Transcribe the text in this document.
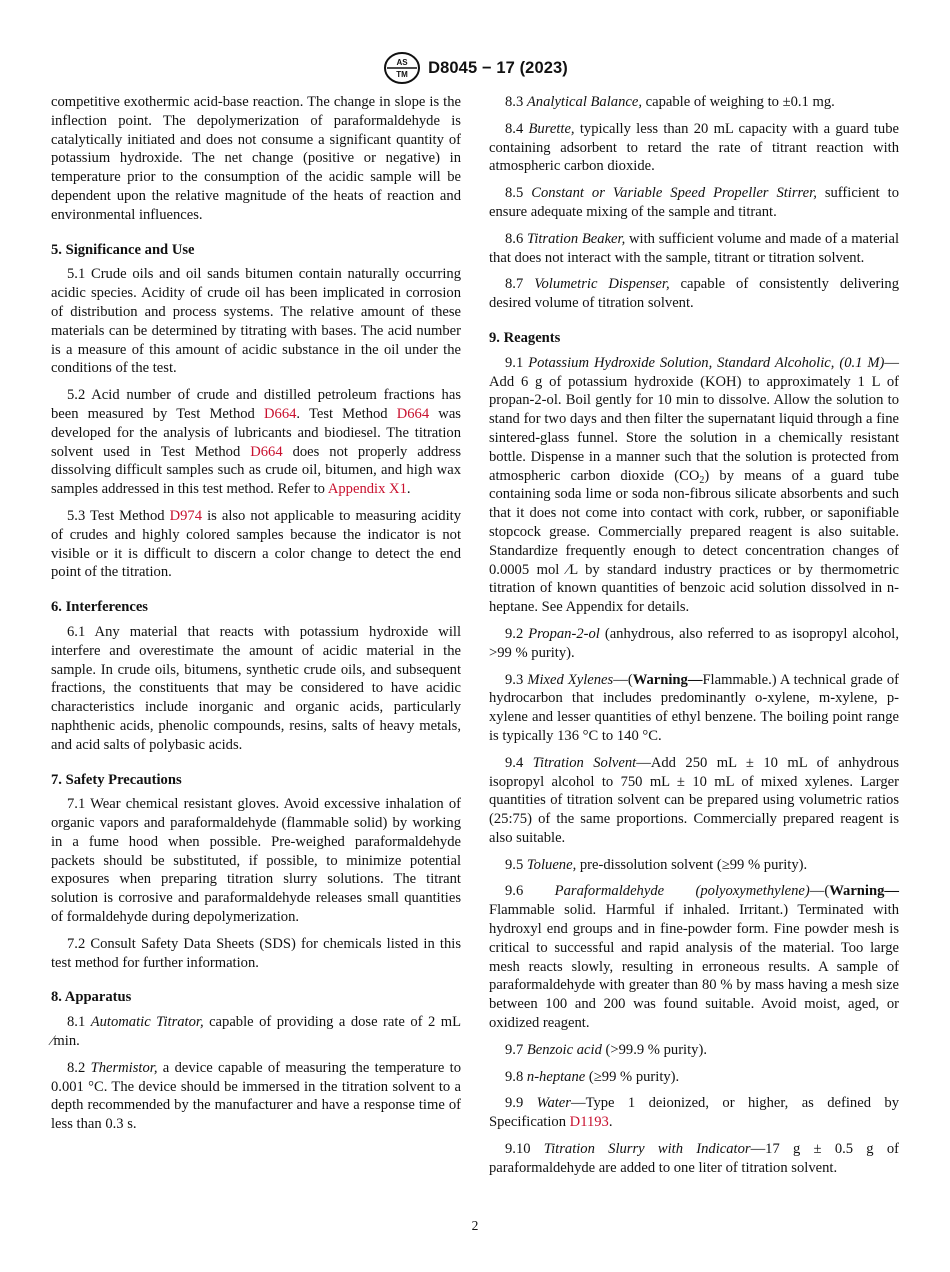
AS
TM D8045 − 17 (2023)

competitive exothermic acid-base reaction. The change in slope is the inflection point. The depolymerization of paraformaldehyde is catalytically initiated and does not consume a significant quantity of potassium hydroxide. The net change (positive or negative) in temperature prior to the consumption of the acidic sample will be dependent upon the relative magnitude of the heats of reaction and environmental influences.

5. Significance and Use

5.1 Crude oils and oil sands bitumen contain naturally occurring acidic species. Acidity of crude oil has been implicated in corrosion of distribution and process systems. The relative amount of these materials can be determined by titrating with bases. The acid number is a measure of this amount of acidic substance in the oil under the conditions of the test.

5.2 Acid number of crude and distilled petroleum fractions has been measured by Test Method D664. Test Method D664 was developed for the analysis of lubricants and biodiesel. The titration solvent used in Test Method D664 does not properly address dissolving difficult samples such as crude oil, bitumen, and high wax samples addressed in this test method. Refer to Appendix X1.

5.3 Test Method D974 is also not applicable to measuring acidity of crudes and highly colored samples because the indicator is not visible or it is difficult to discern a color change to detect the end point of the titration.

6. Interferences

6.1 Any material that reacts with potassium hydroxide will interfere and overestimate the amount of acidic material in the sample. In crude oils, bitumens, synthetic crude oils, and subsequent fractions, the constituents that may be considered to have acidic characteristics include inorganic and organic acids, particularly naphthenic acids, phenolic compounds, resins, salts of heavy metals, and acid salts of polybasic acids.

7. Safety Precautions

7.1 Wear chemical resistant gloves. Avoid excessive inhalation of organic vapors and paraformaldehyde (flammable solid) by working in a fume hood when possible. Pre-weighed paraformaldehyde packets should be substituted, if possible, to minimize potential exposures when preparing titration slurry solutions. The titrant solution is corrosive and paraformaldehyde releases small quantities of formaldehyde during depolymerization.

7.2 Consult Safety Data Sheets (SDS) for chemicals listed in this test method for further information.

8. Apparatus

8.1 Automatic Titrator, capable of providing a dose rate of 2 mL ⁄min.

8.2 Thermistor, a device capable of measuring the temperature to 0.001 °C. The device should be immersed in the titration solvent to a depth recommended by the manufacturer and have a response time of less than 0.3 s.

8.3 Analytical Balance, capable of weighing to ±0.1 mg.

8.4 Burette, typically less than 20 mL capacity with a guard tube containing adsorbent to retard the rate of titrant reaction with atmospheric carbon dioxide.

8.5 Constant or Variable Speed Propeller Stirrer, sufficient to ensure adequate mixing of the sample and titrant.

8.6 Titration Beaker, with sufficient volume and made of a material that does not interact with the sample, titrant or titration solvent.

8.7 Volumetric Dispenser, capable of consistently delivering desired volume of titration solvent.

9. Reagents

9.1 Potassium Hydroxide Solution, Standard Alcoholic, (0.1 M)—Add 6 g of potassium hydroxide (KOH) to approximately 1 L of propan-2-ol. Boil gently for 10 min to dissolve. Allow the solution to stand for two days and then filter the supernatant liquid through a fine sintered-glass funnel. Store the solution in a chemically resistant bottle. Dispense in a manner such that the solution is protected from atmospheric carbon dioxide $(CO_2)$ by means of a guard tube containing soda lime or soda non-fibrous silicate absorbents and such that it does not come into contact with cork, rubber, or saponifiable stopcock grease. Commercially prepared reagent is also suitable. Standardize frequently enough to detect concentration changes of 0.0005 mol ⁄L by standard industry practices or by thermometric titration of known quantities of benzoic acid solution dissolved in n-heptane. See Appendix for details.

9.2 Propan-2-ol (anhydrous, also referred to as isopropyl alcohol, >99 % purity).

9.3 Mixed Xylenes—(Warning—Flammable.) A technical grade of hydrocarbon that includes predominantly o-xylene, m-xylene, p-xylene and lesser quantities of ethyl benzene. The boiling point range is typically 136 °C to 140 °C.

9.4 Titration Solvent—Add 250 mL ± 10 mL of anhydrous isopropyl alcohol to 750 mL ± 10 mL of mixed xylenes. Larger quantities of titration solvent can be prepared using volumetric ratios (25:75) of the same proportions. Commercially prepared reagent is also suitable.

9.5 Toluene, pre-dissolution solvent (≥99 % purity).

9.6 Paraformaldehyde (polyoxymethylene)—(Warning—Flammable solid. Harmful if inhaled. Irritant.) Terminated with hydroxyl end groups and in fine-powder form. Fine powder mesh is critical to successful and rapid analysis of the material. Too large mesh reacts slowly, resulting in erroneous results. A sample of paraformaldehyde with greater than 80 % by mass having a mesh size between 100 and 200 was found suitable. Avoid moist, aged, or oxidized reagent.

9.7 Benzoic acid (>99.9 % purity).

9.8 n-heptane (≥99 % purity).

9.9 Water—Type 1 deionized, or higher, as defined by Specification D1193.

9.10 Titration Slurry with Indicator—17 g ± 0.5 g of paraformaldehyde are added to one liter of titration solvent.

2
